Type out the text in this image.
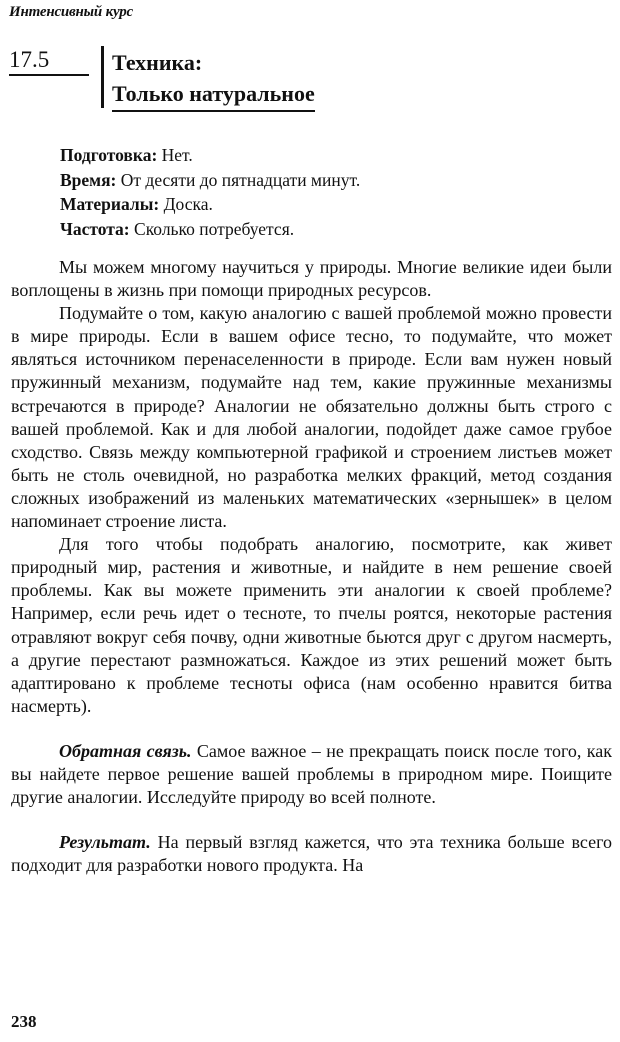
Интенсивный курс
17.5	Техника:
Только натуральное
Подготовка: Нет.
Время: От десяти до пятнадцати минут.
Материалы: Доска.
Частота: Сколько потребуется.

Мы можем многому научиться у природы. Многие великие идеи были воплощены в жизнь при помощи природных ресурсов.

Подумайте о том, какую аналогию с вашей проблемой можно провести в мире природы. Если в вашем офисе тесно, то подумайте, что может являться источником перенаселенности в природе. Если вам нужен новый пружинный механизм, подумайте над тем, какие пружинные механизмы встречаются в природе? Аналогии не обязательно должны быть строго с вашей проблемой. Как и для любой аналогии, подойдет даже самое грубое сходство. Связь между компьютерной графикой и строением листьев может быть не столь очевидной, но разработка мелких фракций, метод создания сложных изображений из маленьких математических «зернышек» в целом напоминает строение листа.

Для того чтобы подобрать аналогию, посмотрите, как живет природный мир, растения и животные, и найдите в нем решение своей проблемы. Как вы можете применить эти аналогии к своей проблеме? Например, если речь идет о тесноте, то пчелы роятся, некоторые растения отравляют вокруг себя почву, одни животные бьются друг с другом насмерть, а другие перестают размножаться. Каждое из этих решений может быть адаптировано к проблеме тесноты офиса (нам особенно нравится битва насмерть).

Обратная связь. Самое важное – не прекращать поиск после того, как вы найдете первое решение вашей проблемы в природном мире. Поищите другие аналогии. Исследуйте природу во всей полноте.

Результат. На первый взгляд кажется, что эта техника больше всего подходит для разработки нового продукта. На

238
